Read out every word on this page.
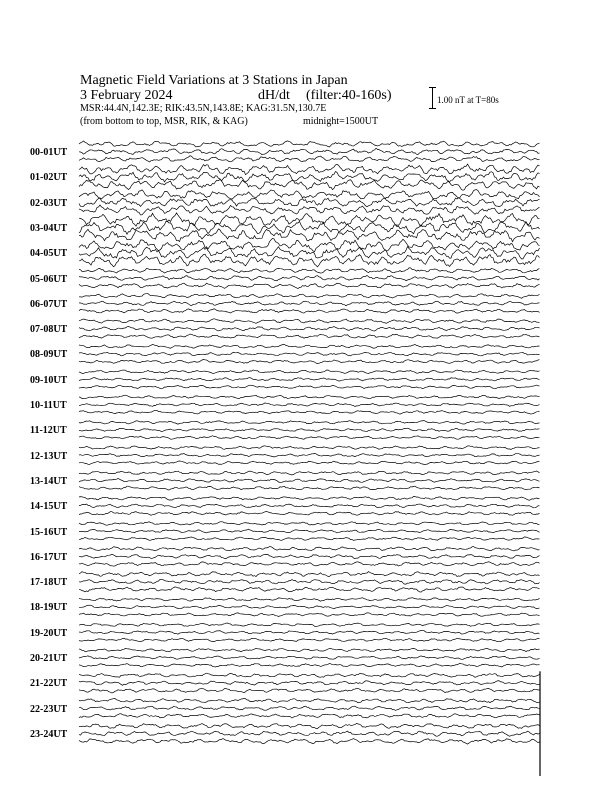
Magnetic Field Variations at 3 Stations in Japan
3 February 2024	dH/dt (filter:40-160s)
MSR:44.4N,142.3E; RIK:43.5N,143.8E; KAG:31.5N,130.7E
(from bottom to top, MSR, RIK, & KAG)	midnight=1500UT
1.00 nT at T=80s
00-01UT
01-02UT
02-03UT
03-04UT
04-05UT
05-06UT
06-07UT
07-08UT
08-09UT
09-10UT
10-11UT
11-12UT
12-13UT
13-14UT
14-15UT
15-16UT
16-17UT
17-18UT
18-19UT
19-20UT
20-21UT
21-22UT
22-23UT
23-24UT
